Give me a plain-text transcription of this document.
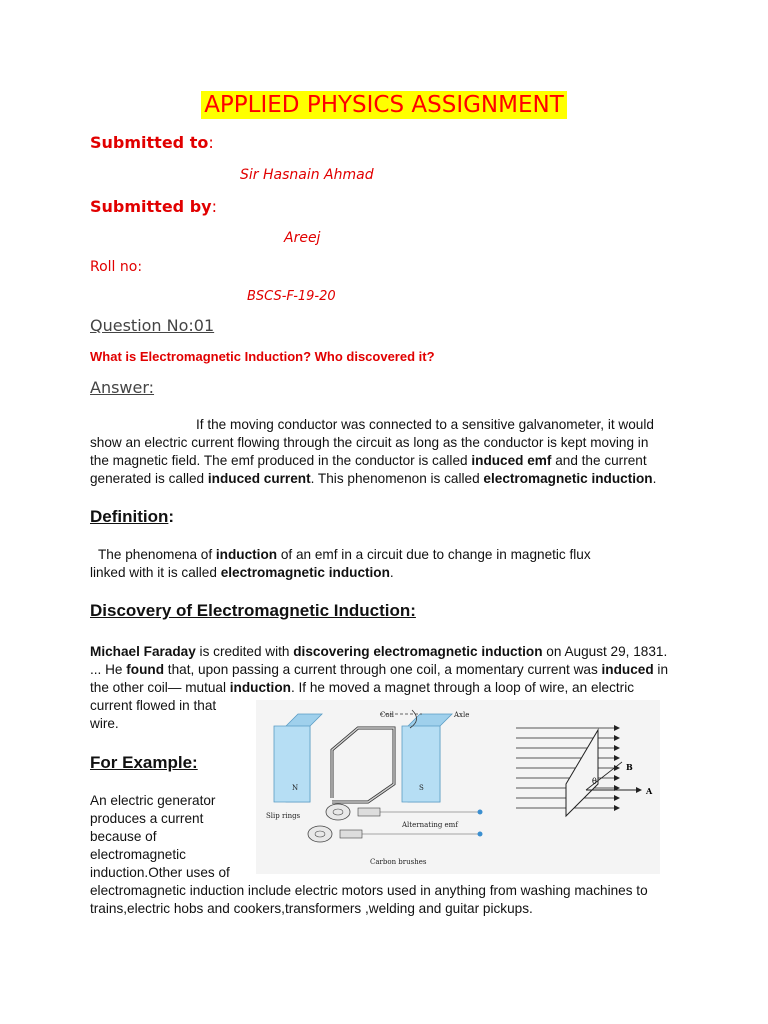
APPLIED PHYSICS ASSIGNMENT
Submitted to:
Sir Hasnain Ahmad
Submitted by:
Areej
Roll no:
BSCS-F-19-20
Question No:01
What is Electromagnetic Induction? Who discovered it?
Answer:
If the moving conductor was connected to a sensitive galvanometer, it would
show an electric current flowing through the circuit as long as the conductor is kept moving in
the magnetic field. The emf produced in the conductor is called induced emf and the current
generated is called induced current. This phenomenon is called electromagnetic induction.
Definition:
The phenomena of induction of an emf in a circuit due to change in magnetic flux
linked with it is called electromagnetic induction.
Discovery of Electromagnetic Induction:
Michael Faraday is credited with discovering electromagnetic induction on August 29, 1831.
... He found that, upon passing a current through one coil, a momentary current was induced in
the other coil— mutual induction. If he moved a magnet through a loop of wire, an electric
current flowed in that
wire.
For Example:
An electric generator
produces a current
because of
electromagnetic
induction.Other uses of
electromagnetic induction include electric motors used in anything from washing machines to
trains,electric hobs and cookers,transformers ,welding and guitar pickups.
N	S
Coil	Axle
Slip rings
Alternating emf
Carbon brushes
θ
B
A
